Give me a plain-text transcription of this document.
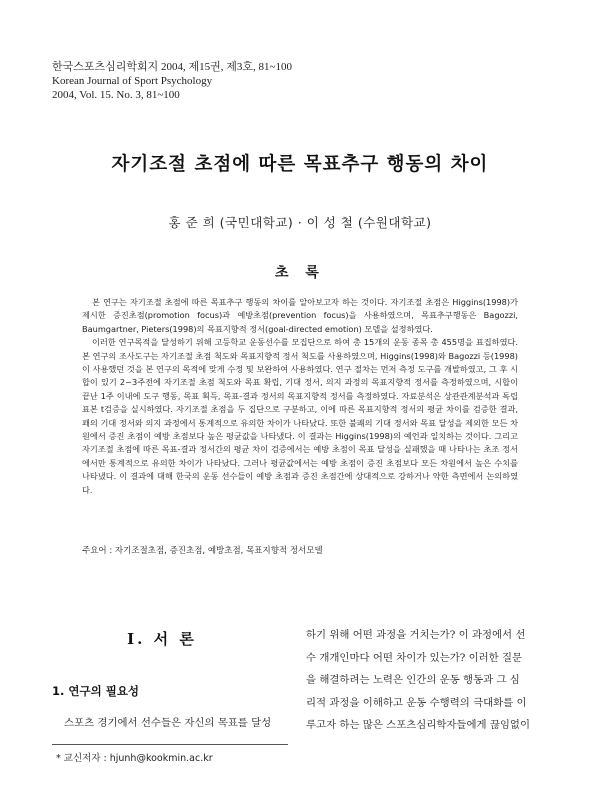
한국스포츠심리학회지 2004, 제15권, 제3호, 81~100
Korean Journal of Sport Psychology
2004, Vol. 15. No. 3, 81~100
자기조절 초점에 따른 목표추구 행동의 차이
홍 준 희 (국민대학교) · 이 성 철 (수원대학교)
초 록

본 연구는 자기조절 초점에 따른 목표추구 행동의 차이를 알아보고자 하는 것이다. 자기조절 초점은 Higgins(1998)가 제시한 증진초점(promotion focus)과 예방초점(prevention focus)을 사용하였으며, 목표추구행동은 Bagozzi, Baumgartner, Pieters(1998)의 목표지향적 정서(goal-directed emotion) 모델을 설정하였다.

이러한 연구목적을 달성하기 위해 고등학교 운동선수를 모집단으로 하여 총 15개의 운동 종목 총 455명을 표집하였다. 본 연구의 조사도구는 자기조절 초점 척도와 목표지향적 정서 척도를 사용하였으며, Higgins(1998)와 Bagozzi 등(1998)이 사용했던 것을 본 연구의 목적에 맞게 수정 및 보완하여 사용하였다. 연구 절차는 먼저 측정 도구를 개발하였고, 그 후 시합이 있기 2~3주전에 자기조절 초점 척도와 목표 확립, 기대 정서, 의지 과정의 목표지향적 정서를 측정하였으며, 시합이 끝난 1주 이내에 도구 행동, 목표 획득, 목표-결과 정서의 목표지향적 정서를 측정하였다. 자료분석은 상관관계분석과 독립 표본 t검증을 실시하였다. 자기조절 초점을 두 집단으로 구분하고, 이에 따른 목표지향적 정서의 평균 차이를 검증한 결과, 꽤의 기대 정서와 의지 과정에서 통계적으로 유의한 차이가 나타났다. 또한 불쾌의 기대 정서와 목표 달성을 제외한 모든 차원에서 증진 초점이 예방 초점보다 높은 평균값을 나타냈다. 이 결과는 Higgins(1998)의 예언과 일치하는 것이다. 그리고 자기조절 초점에 따른 목표-결과 정서간의 평균 차이 검증에서는 예방 초점이 목표 달성을 실패했을 때 나타나는 초조 정서에서만 통계적으로 유의한 차이가 나타났다. 그러나 평균값에서는 예방 초점이 증진 초점보다 모든 차원에서 높은 수치를 나타냈다. 이 결과에 대해 한국의 운동 선수들이 예방 초점과 증진 초점간에 상대적으로 강하거나 약한 측면에서 논의하였다.

주요어 : 자기조절초점, 증진초점, 예방초점, 목표지향적 정서모델
Ⅰ. 서 론
1. 연구의 필요성
스포츠 경기에서 선수들은 자신의 목표를 달성
하기 위해 어떤 과정을 거치는가? 이 과정에서 선
수 개개인마다 어떤 차이가 있는가? 이러한 질문
을 해결하려는 노력은 인간의 운동 행동과 그 심
리적 과정을 이해하고 운동 수행력의 극대화를 이
루고자 하는 많은 스포츠심리학자들에게 끊임없이
* 교신저자 : hjunh@kookmin.ac.kr
